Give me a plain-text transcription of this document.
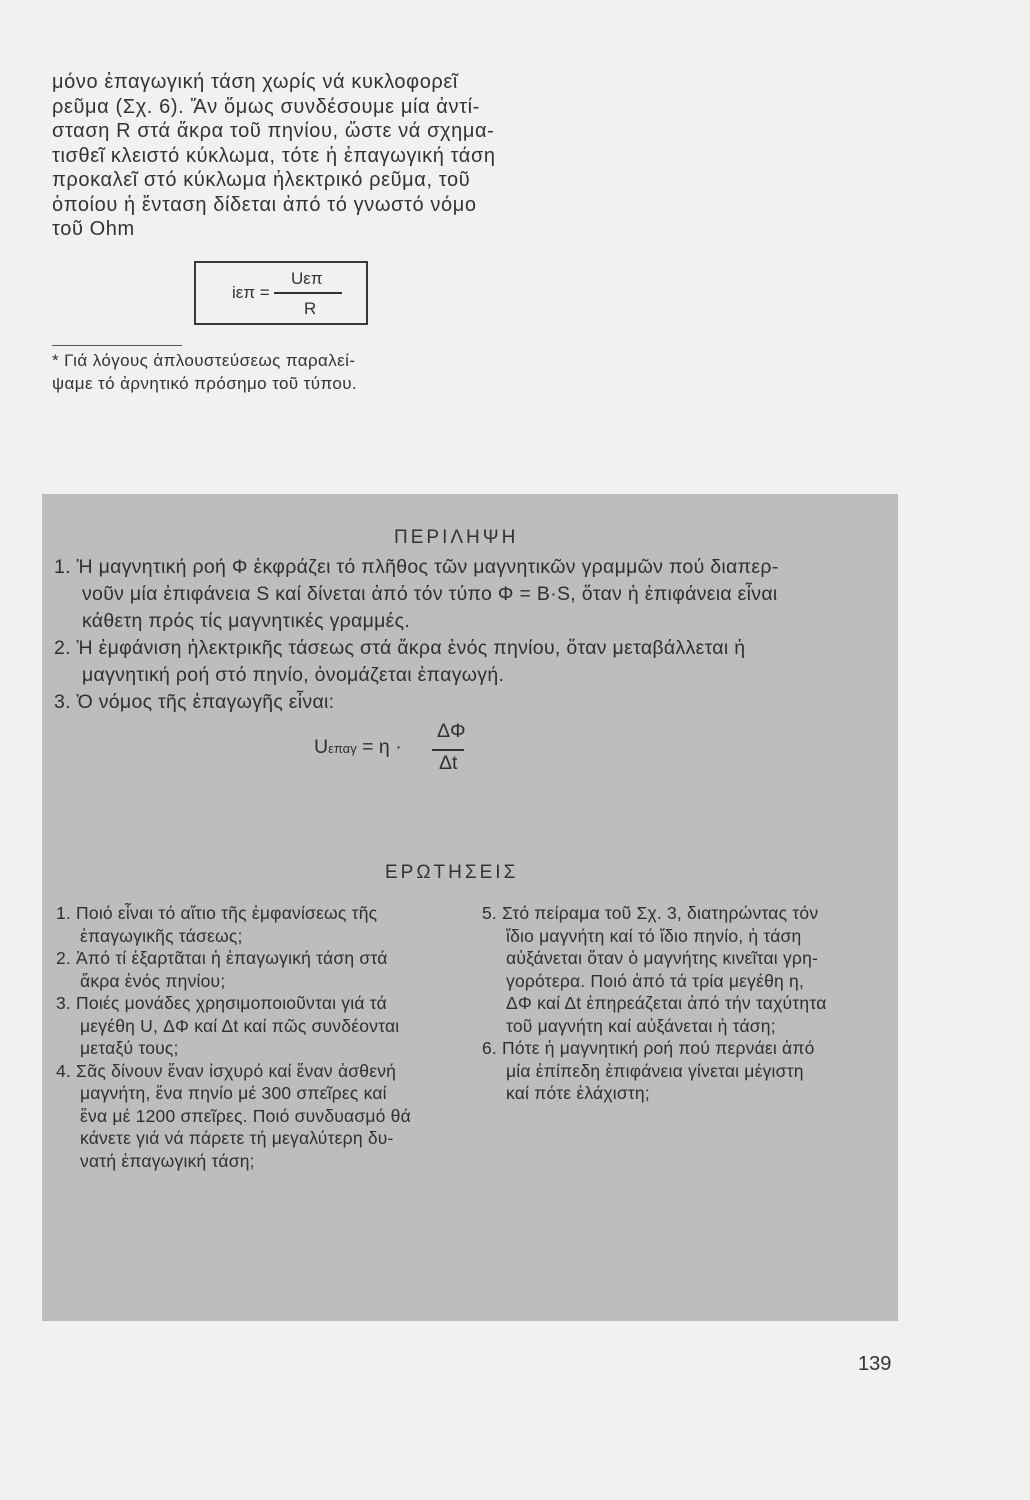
μόνο ἐπαγωγική τάση χωρίς νά κυκλοφορεῖ
ρεῦμα (Σχ. 6). Ἄν ὅμως συνδέσουμε μία ἀντί-
σταση R στά ἄκρα τοῦ πηνίου, ὥστε νά σχημα-
τισθεῖ κλειστό κύκλωμα, τότε ἡ ἐπαγωγική τάση
προκαλεῖ στό κύκλωμα ἠλεκτρικό ρεῦμα, τοῦ
ὁποίου ἡ ἔνταση δίδεται ἀπό τό γνωστό νόμο
τοῦ Ohm
iεπ =
Uεπ
R
* Γιά λόγους ἁπλουστεύσεως παραλεί-
ψαμε τό ἀρνητικό πρόσημο τοῦ τύπου.
ΠΕΡΙΛΗΨΗ
1. Ἡ μαγνητική ροή Φ ἐκφράζει τό πλῆθος τῶν μαγνητικῶν γραμμῶν πού διαπερ-
νοῦν μία ἐπιφάνεια S καί δίνεται ἀπό τόν τύπο Φ = B·S, ὅταν ἡ ἐπιφάνεια εἶναι
κάθετη πρός τίς μαγνητικές γραμμές.
2. Ἡ ἐμφάνιση ἠλεκτρικῆς τάσεως στά ἄκρα ἑνός πηνίου, ὅταν μεταβάλλεται ἡ
μαγνητική ροή στό πηνίο, ὀνομάζεται ἐπαγωγή.
3. Ὁ νόμος τῆς ἐπαγωγῆς εἶναι:
Uεπαγ = η ·
ΔΦ
Δt
ΕΡΩΤΗΣΕΙΣ
1. Ποιό εἶναι τό αἴτιο τῆς ἐμφανίσεως τῆς
ἐπαγωγικῆς τάσεως;
2. Ἀπό τί ἐξαρτᾶται ἡ ἐπαγωγική τάση στά
ἄκρα ἑνός πηνίου;
3. Ποιές μονάδες χρησιμοποιοῦνται γιά τά
μεγέθη U, ΔΦ καί Δt καί πῶς συνδέονται
μεταξύ τους;
4. Σᾶς δίνουν ἕναν ἰσχυρό καί ἕναν ἀσθενή
μαγνήτη, ἕνα πηνίο μέ 300 σπεῖρες καί
ἕνα μέ 1200 σπεῖρες. Ποιό συνδυασμό θά
κάνετε γιά νά πάρετε τή μεγαλύτερη δυ-
νατή ἐπαγωγική τάση;
5. Στό πείραμα τοῦ Σχ. 3, διατηρώντας τόν
ἴδιο μαγνήτη καί τό ἴδιο πηνίο, ἡ τάση
αὐξάνεται ὅταν ὁ μαγνήτης κινεῖται γρη-
γορότερα. Ποιό ἀπό τά τρία μεγέθη η,
ΔΦ καί Δt ἐπηρεάζεται ἀπό τήν ταχύτητα
τοῦ μαγνήτη καί αὐξάνεται ἡ τάση;
6. Πότε ἡ μαγνητική ροή πού περνάει ἀπό
μία ἐπίπεδη ἐπιφάνεια γίνεται μέγιστη
καί πότε ἐλάχιστη;
139
